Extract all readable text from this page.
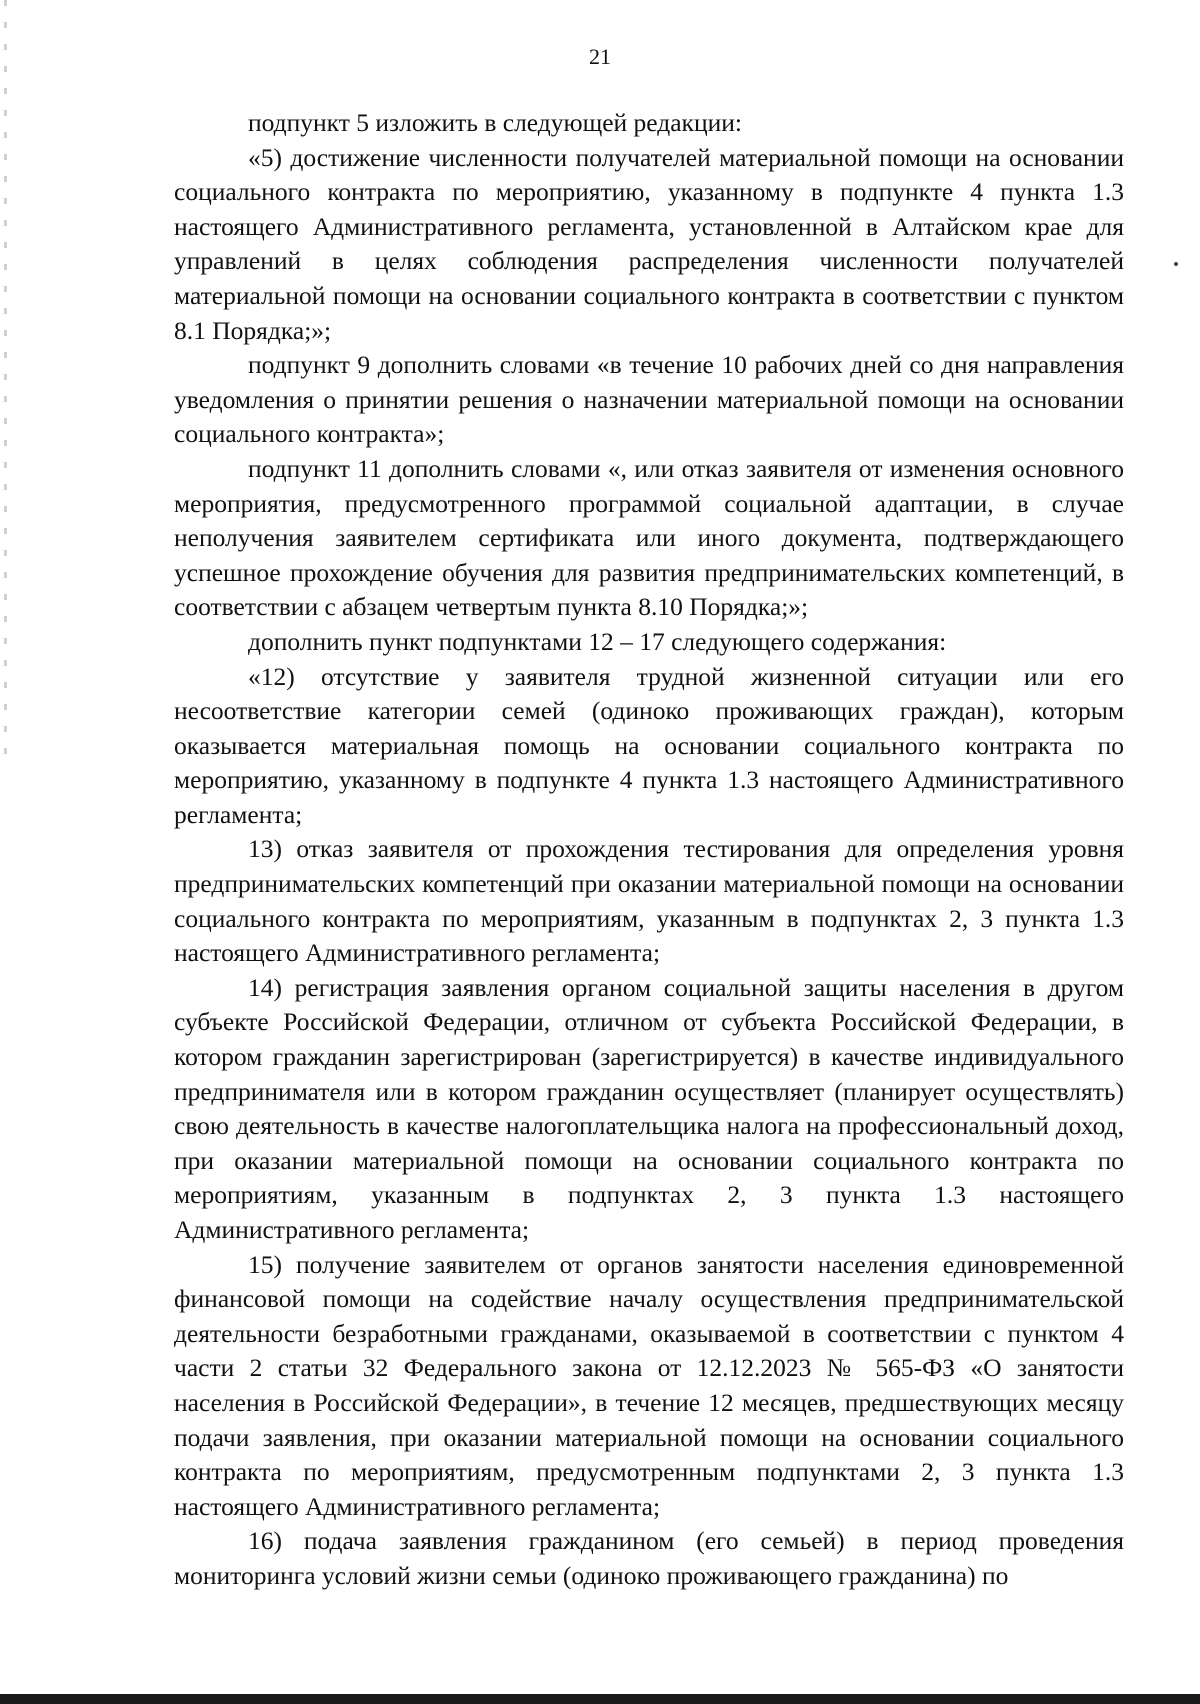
21

подпункт 5 изложить в следующей редакции:

«5) достижение численности получателей материальной помощи на основании социального контракта по мероприятию, указанному в подпункте 4 пункта 1.3 настоящего Административного регламента, установленной в Алтайском крае для управлений в целях соблюдения распределения численности получателей материальной помощи на основании социального контракта в соответствии с пунктом 8.1 Порядка;»;

подпункт 9 дополнить словами «в течение 10 рабочих дней со дня направления уведомления о принятии решения о назначении материальной помощи на основании социального контракта»;

подпункт 11 дополнить словами «, или отказ заявителя от изменения основного мероприятия, предусмотренного программой социальной адаптации, в случае неполучения заявителем сертификата или иного документа, подтверждающего успешное прохождение обучения для развития предпринимательских компетенций, в соответствии с абзацем четвертым пункта 8.10 Порядка;»;

дополнить пункт подпунктами 12 – 17 следующего содержания:

«12) отсутствие у заявителя трудной жизненной ситуации или его несоответствие категории семей (одиноко проживающих граждан), которым оказывается материальная помощь на основании социального контракта по мероприятию, указанному в подпункте 4 пункта 1.3 настоящего Административного регламента;

13) отказ заявителя от прохождения тестирования для определения уровня предпринимательских компетенций при оказании материальной помощи на основании социального контракта по мероприятиям, указанным в подпунктах 2, 3 пункта 1.3 настоящего Административного регламента;

14) регистрация заявления органом социальной защиты населения в другом субъекте Российской Федерации, отличном от субъекта Российской Федерации, в котором гражданин зарегистрирован (зарегистрируется) в качестве индивидуального предпринимателя или в котором гражданин осуществляет (планирует осуществлять) свою деятельность в качестве налогоплательщика налога на профессиональный доход, при оказании материальной помощи на основании социального контракта по мероприятиям, указанным в подпунктах 2, 3 пункта 1.3 настоящего Административного регламента;

15) получение заявителем от органов занятости населения единовременной финансовой помощи на содействие началу осуществления предпринимательской деятельности безработными гражданами, оказываемой в соответствии с пунктом 4 части 2 статьи 32 Федерального закона от 12.12.2023 № 565-ФЗ «О занятости населения в Российской Федерации», в течение 12 месяцев, предшествующих месяцу подачи заявления, при оказании материальной помощи на основании социального контракта по мероприятиям, предусмотренным подпунктами 2, 3 пункта 1.3 настоящего Административного регламента;

16) подача заявления гражданином (его семьей) в период проведения мониторинга условий жизни семьи (одиноко проживающего гражданина) по
